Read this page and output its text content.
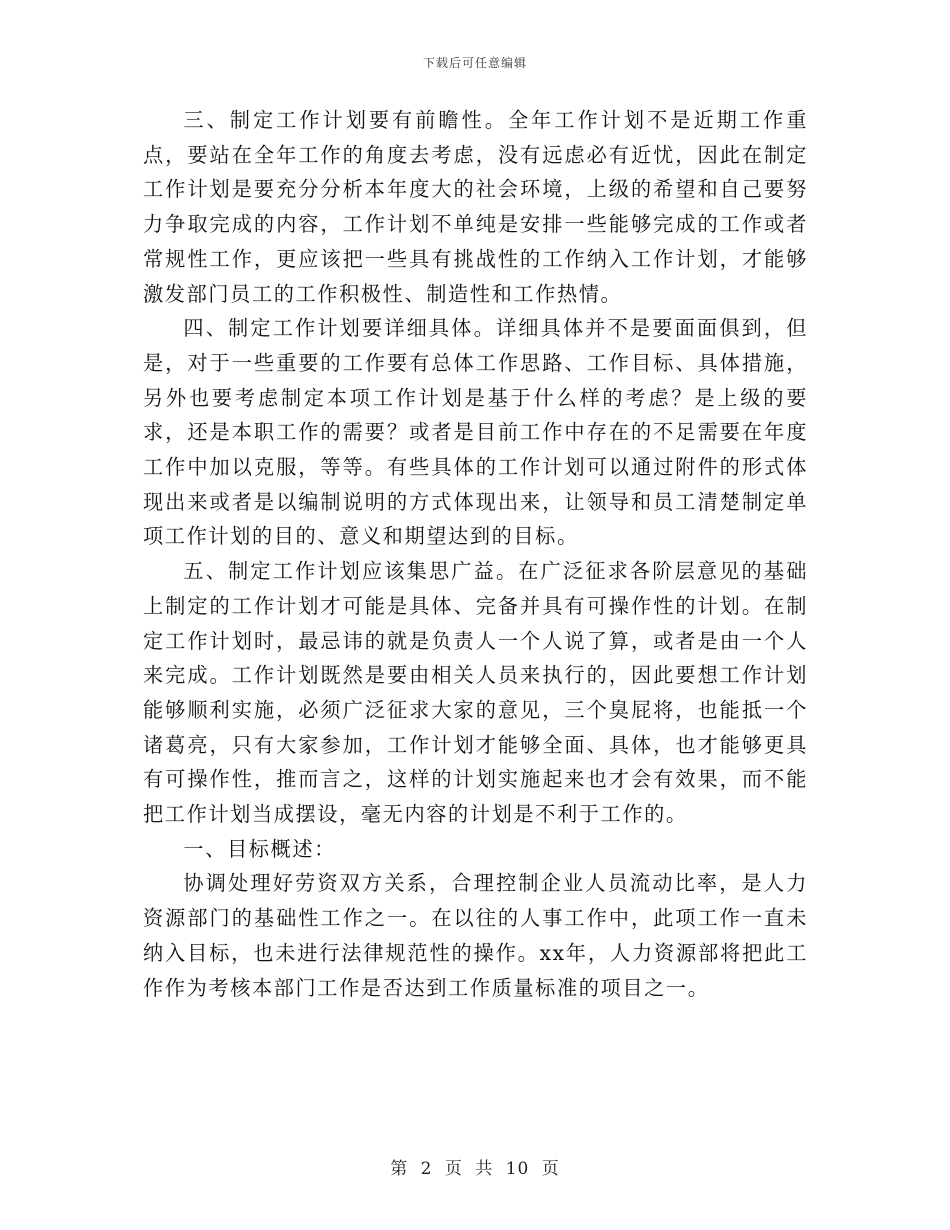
下载后可任意编辑

三、制定工作计划要有前瞻性。全年工作计划不是近期工作重点，要站在全年工作的角度去考虑，没有远虑必有近忧，因此在制定工作计划是要充分分析本年度大的社会环境，上级的希望和自己要努力争取完成的内容，工作计划不单纯是安排一些能够完成的工作或者常规性工作，更应该把一些具有挑战性的工作纳入工作计划，才能够激发部门员工的工作积极性、制造性和工作热情。

四、制定工作计划要详细具体。详细具体并不是要面面俱到，但是，对于一些重要的工作要有总体工作思路、工作目标、具体措施，另外也要考虑制定本项工作计划是基于什么样的考虑？是上级的要求，还是本职工作的需要？或者是目前工作中存在的不足需要在年度工作中加以克服，等等。有些具体的工作计划可以通过附件的形式体现出来或者是以编制说明的方式体现出来，让领导和员工清楚制定单项工作计划的目的、意义和期望达到的目标。

五、制定工作计划应该集思广益。在广泛征求各阶层意见的基础上制定的工作计划才可能是具体、完备并具有可操作性的计划。在制定工作计划时，最忌讳的就是负责人一个人说了算，或者是由一个人来完成。工作计划既然是要由相关人员来执行的，因此要想工作计划能够顺利实施，必须广泛征求大家的意见，三个臭屁将，也能抵一个诸葛亮，只有大家参加，工作计划才能够全面、具体，也才能够更具有可操作性，推而言之，这样的计划实施起来也才会有效果，而不能把工作计划当成摆设，毫无内容的计划是不利于工作的。

一、目标概述：

协调处理好劳资双方关系，合理控制企业人员流动比率，是人力资源部门的基础性工作之一。在以往的人事工作中，此项工作一直未纳入目标，也未进行法律规范性的操作。xx年，人力资源部将把此工作作为考核本部门工作是否达到工作质量标准的项目之一。

第 2 页 共 10 页
